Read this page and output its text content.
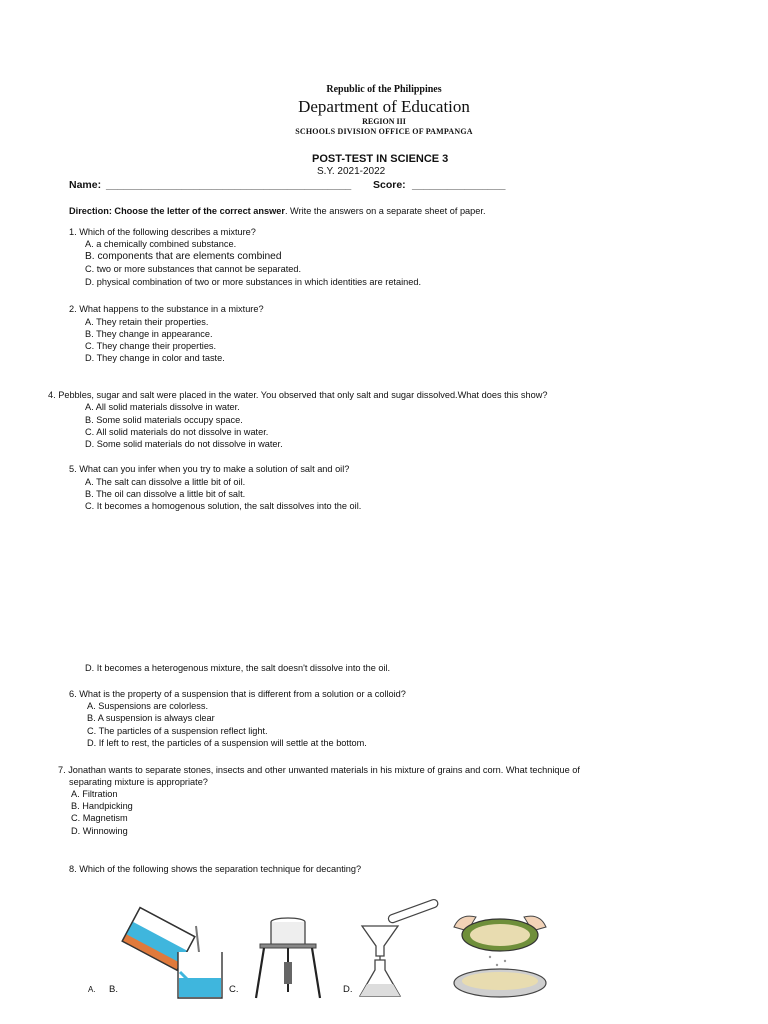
Republic of the Philippines
Department of Education
REGION III
SCHOOLS DIVISION OFFICE OF PAMPANGA
POST-TEST IN SCIENCE 3
S.Y. 2021-2022
Name: __________________________________________ Score: ________________
Direction: Choose the letter of the correct answer. Write the answers on a separate sheet of paper.
1. Which of the following describes a mixture?
A. a chemically combined substance.
B. components that are elements combined
C. two or more substances that cannot be separated.
D. physical combination of two or more substances in which identities are retained.
2. What happens to the substance in a mixture?
A. They retain their properties.
B. They change in appearance.
C. They change their properties.
D. They change in color and taste.
4. Pebbles, sugar and salt were placed in the water. You observed that only salt and sugar dissolved.What does this show?
A. All solid materials dissolve in water.
B. Some solid materials occupy space.
C. All solid materials do not dissolve in water.
D. Some solid materials do not dissolve in water.
5. What can you infer when you try to make a solution of salt and oil?
A. The salt can dissolve a little bit of oil.
B. The oil can dissolve a little bit of salt.
C. It becomes a homogenous solution, the salt dissolves into the oil.
D. It becomes a heterogenous mixture, the salt doesn't dissolve into the oil.
6. What is the property of a suspension that is different from a solution or a colloid?
A. Suspensions are colorless.
B. A suspension is always clear
C. The particles of a suspension reflect light.
D. If left to rest, the particles of a suspension will settle at the bottom.
7. Jonathan wants to separate stones, insects and other unwanted materials in his mixture of grains and corn. What technique of
separating mixture is appropriate?
A. Filtration
B. Handpicking
C. Magnetism
D. Winnowing
8. Which of the following shows the separation technique for decanting?
A. B.	C.	D.
